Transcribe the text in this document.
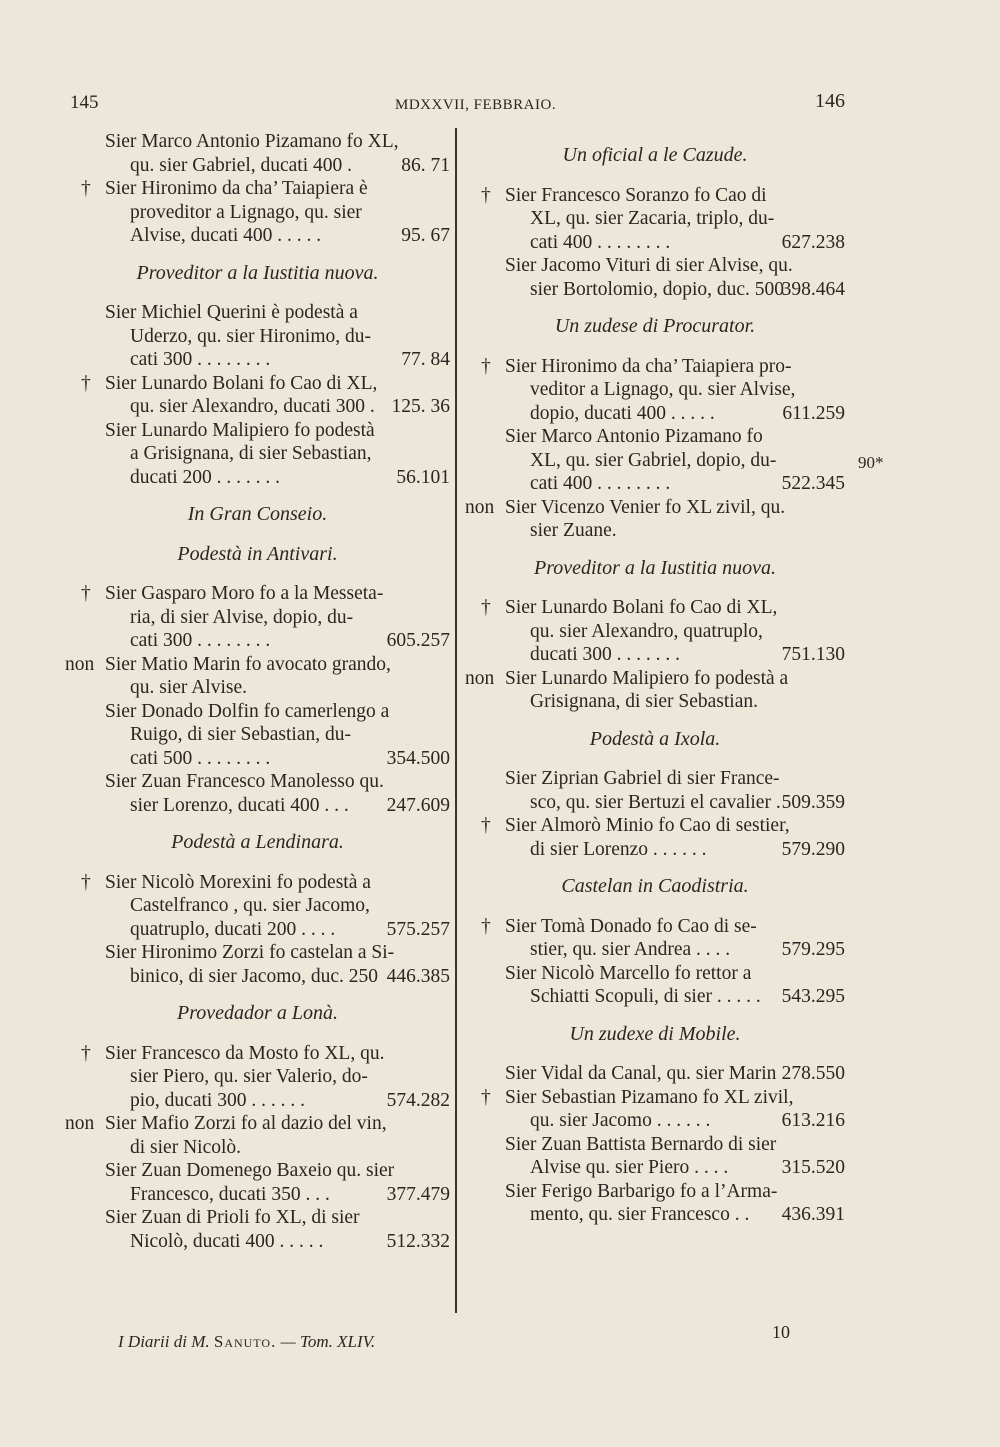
145	MDXXVII, FEBBRAIO.	146
Sier Marco Antonio Pizamano fo XL,
qu. sier Gabriel, ducati 400 .	86. 71
† Sier Hironimo da cha’ Taiapiera è
proveditor a Lignago, qu. sier
Alvise, ducati 400 . . . . .	95. 67
Proveditor a la Iustitia nuova.
Sier Michiel Querini è podestà a
Uderzo, qu. sier Hironimo, du-
cati 300 . . . . . . . .	77. 84
† Sier Lunardo Bolani fo Cao di XL,
qu. sier Alexandro, ducati 300 . 125. 36
Sier Lunardo Malipiero fo podestà
a Grisignana, di sier Sebastian,
ducati 200 . . . . . . .	56.101
In Gran Conseio.
Podestà in Antivari.
† Sier Gasparo Moro fo a la Messeta-
ria, di sier Alvise, dopio, du-
cati 300 . . . . . . . .	605.257
non Sier Matio Marin fo avocato grando,
qu. sier Alvise.
Sier Donado Dolfin fo camerlengo a
Ruigo, di sier Sebastian, du-
cati 500 . . . . . . . .	354.500
Sier Zuan Francesco Manolesso qu.
sier Lorenzo, ducati 400 . . . 247.609
Podestà a Lendinara.
† Sier Nicolò Morexini fo podestà a
Castelfranco , qu. sier Jacomo,
quatruplo, ducati 200 . . . .	575.257
Sier Hironimo Zorzi fo castelan a Si-
binico, di sier Jacomo, duc. 250 446.385
Provedador a Lonà.
† Sier Francesco da Mosto fo XL, qu.
sier Piero, qu. sier Valerio, do-
pio, ducati 300 . . . . . .	574.282
non Sier Mafio Zorzi fo al dazio del vin,
di sier Nicolò.
Sier Zuan Domenego Baxeio qu. sier
Francesco, ducati 350 . . .	377.479
Sier Zuan di Prioli fo XL, di sier
Nicolò, ducati 400 . . . . .	512.332
Un oficial a le Cazude.
† Sier Francesco Soranzo fo Cao di
XL, qu. sier Zacaria, triplo, du-
cati 400 . . . . . . . .	627.238
Sier Jacomo Vituri di sier Alvise, qu.
sier Bortolomio, dopio, duc. 500
398.464
Un zudese di Procurator.
† Sier Hironimo da cha’ Taiapiera pro-
veditor a Lignago, qu. sier Alvise,
dopio, ducati 400 . . . . .	611.259
Sier Marco Antonio Pizamano fo
XL, qu. sier Gabriel, dopio, du-
cati 400 . . . . . . . .	522.345
non Sier Vicenzo Venier fo XL zivil, qu.
sier Zuane.
Proveditor a la Iustitia nuova.
† Sier Lunardo Bolani fo Cao di XL,
qu. sier Alexandro, quatruplo,
ducati 300 . . . . . . .	751.130
non Sier Lunardo Malipiero fo podestà a
Grisignana, di sier Sebastian.
Podestà a Ixola.
Sier Ziprian Gabriel di sier France-
sco, qu. sier Bertuzi el cavalier . 509.359
† Sier Almorò Minio fo Cao di sestier,
di sier Lorenzo . . . . . .	579.290
Castelan in Caodistria.
† Sier Tomà Donado fo Cao di se-
stier, qu. sier Andrea . . . .	579.295
Sier Nicolò Marcello fo rettor a
Schiatti Scopuli, di sier . . . . . 543.295
Un zudexe di Mobile.
Sier Vidal da Canal, qu. sier Marin 278.550
† Sier Sebastian Pizamano fo XL zivil,
qu. sier Jacomo . . . . . .	613.216
Sier Zuan Battista Bernardo di sier
Alvise qu. sier Piero . . . .	315.520
Sier Ferigo Barbarigo fo a l’Arma-
mento, qu. sier Francesco . . 436.391
90*
I Diarii di M. Sanuto. — Tom. XLIV.	10
